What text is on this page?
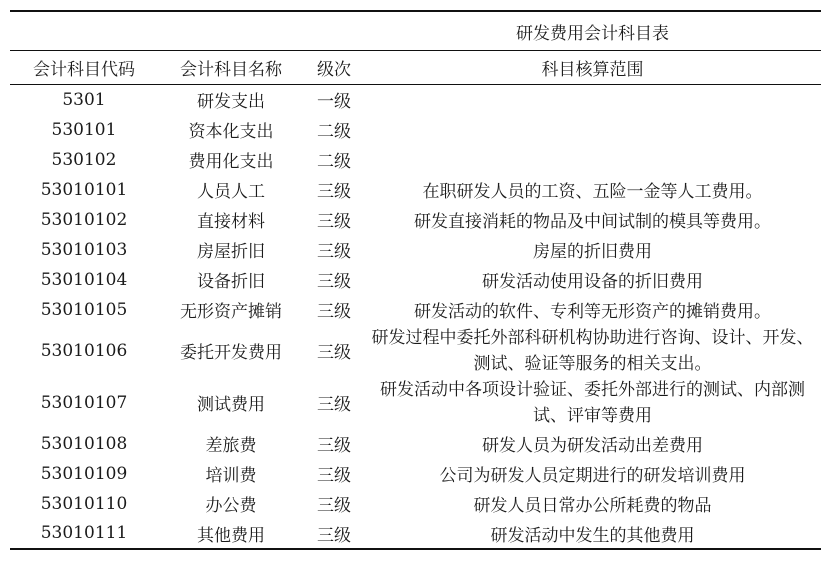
			研发费用会计科目表
会计科目代码	会计科目名称	级次	科目核算范围
5301	研发支出	一级	
530101	资本化支出	二级	
530102	费用化支出	二级	
53010101	人员人工	三级	在职研发人员的工资、五险一金等人工费用。
53010102	直接材料	三级	研发直接消耗的物品及中间试制的模具等费用。
53010103	房屋折旧	三级	房屋的折旧费用
53010104	设备折旧	三级	研发活动使用设备的折旧费用
53010105	无形资产摊销	三级	研发活动的软件、专利等无形资产的摊销费用。
53010106	委托开发费用	三级	研发过程中委托外部科研机构协助进行咨询、设计、开发、测试、验证等服务的相关支出。
53010107	测试费用	三级	研发活动中各项设计验证、委托外部进行的测试、内部测试、评审等费用
53010108	差旅费	三级	研发人员为研发活动出差费用
53010109	培训费	三级	公司为研发人员定期进行的研发培训费用
53010110	办公费	三级	研发人员日常办公所耗费的物品
53010111	其他费用	三级	研发活动中发生的其他费用
